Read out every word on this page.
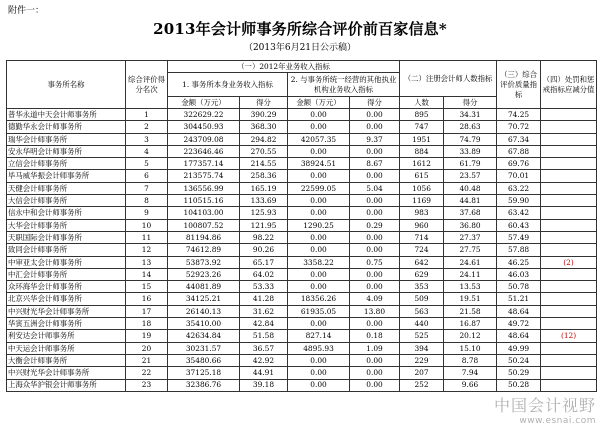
附件一：
2013年会计师事务所综合评价前百家信息*
（2013年6月21日公示稿）
事务所名称	综合评价得分名次	（一）2012年业务收入指标				（二）注册会计师人数指标		（三）综合评价质量指标	（四）处罚和惩戒指标应减分值
		1. 事务所本身业务收入指标		2. 与事务所统一经营的其他执业机构业务收入指标					
		金额（万元）	得分	金额（万元）	得分	人数	得分		
普华永道中天会计师事务所	1	322629.22	390.29	0.00	0.00	895	34.31	74.25	
德勤华永会计师事务所	2	304450.93	368.30	0.00	0.00	747	28.63	70.72	
瑞华会计师事务所	3	243709.08	294.82	42057.35	9.37	1951	74.79	67.34	
安永华明会计师事务所	4	223646.46	270.55	0.00	0.00	884	33.89	67.88	
立信会计师事务所	5	177357.14	214.55	38924.51	8.67	1612	61.79	69.76	
毕马威华振会计师事务所	6	213575.74	258.36	0.00	0.00	615	23.57	70.01	
天健会计师事务所	7	136556.99	165.19	22599.05	5.04	1056	40.48	63.22	
大信会计师事务所	8	110515.16	133.69	0.00	0.00	1169	44.81	59.90	
信永中和会计师事务所	9	104103.00	125.93	0.00	0.00	983	37.68	63.42	
大华会计师事务所	10	100807.52	121.95	1290.25	0.29	960	36.80	60.43	
天职国际会计师事务所	11	81194.86	98.22	0.00	0.00	714	27.37	57.49	
致同会计师事务所	12	74612.89	90.26	0.00	0.00	724	27.75	57.88	
中审亚太会计师事务所	13	53873.92	65.17	3358.22	0.75	642	24.61	46.25	(2)
中汇会计师事务所	14	52923.26	64.02	0.00	0.00	629	24.11	46.03	
众环海华会计师事务所	15	44081.89	53.33	0.00	0.00	353	13.53	50.78	
北京兴华会计师事务所	16	34125.21	41.28	18356.26	4.09	509	19.51	51.21	
中兴财光华会计师事务所	17	26140.13	31.62	61935.05	13.80	563	21.58	48.64	
华寅五洲会计师事务所	18	35410.00	42.84	0.00	0.00	440	16.87	49.72	
利安达会计师事务所	19	42634.84	51.58	827.14	0.18	525	20.12	48.64	(12)
中天运会计师事务所	20	30231.57	36.57	4895.93	1.09	394	15.10	49.99	
大衡会计师事务所	21	35480.66	42.92	0.00	0.00	229	8.78	50.24	
中兴财光华会计师事务所	22	37125.18	44.91	0.00	0.00	207	7.94	50.29	
上海众华沪银会计师事务所	23	32386.76	39.18	0.00	0.00	252	9.66	50.28	
中国会计视野
www.esnai.com
